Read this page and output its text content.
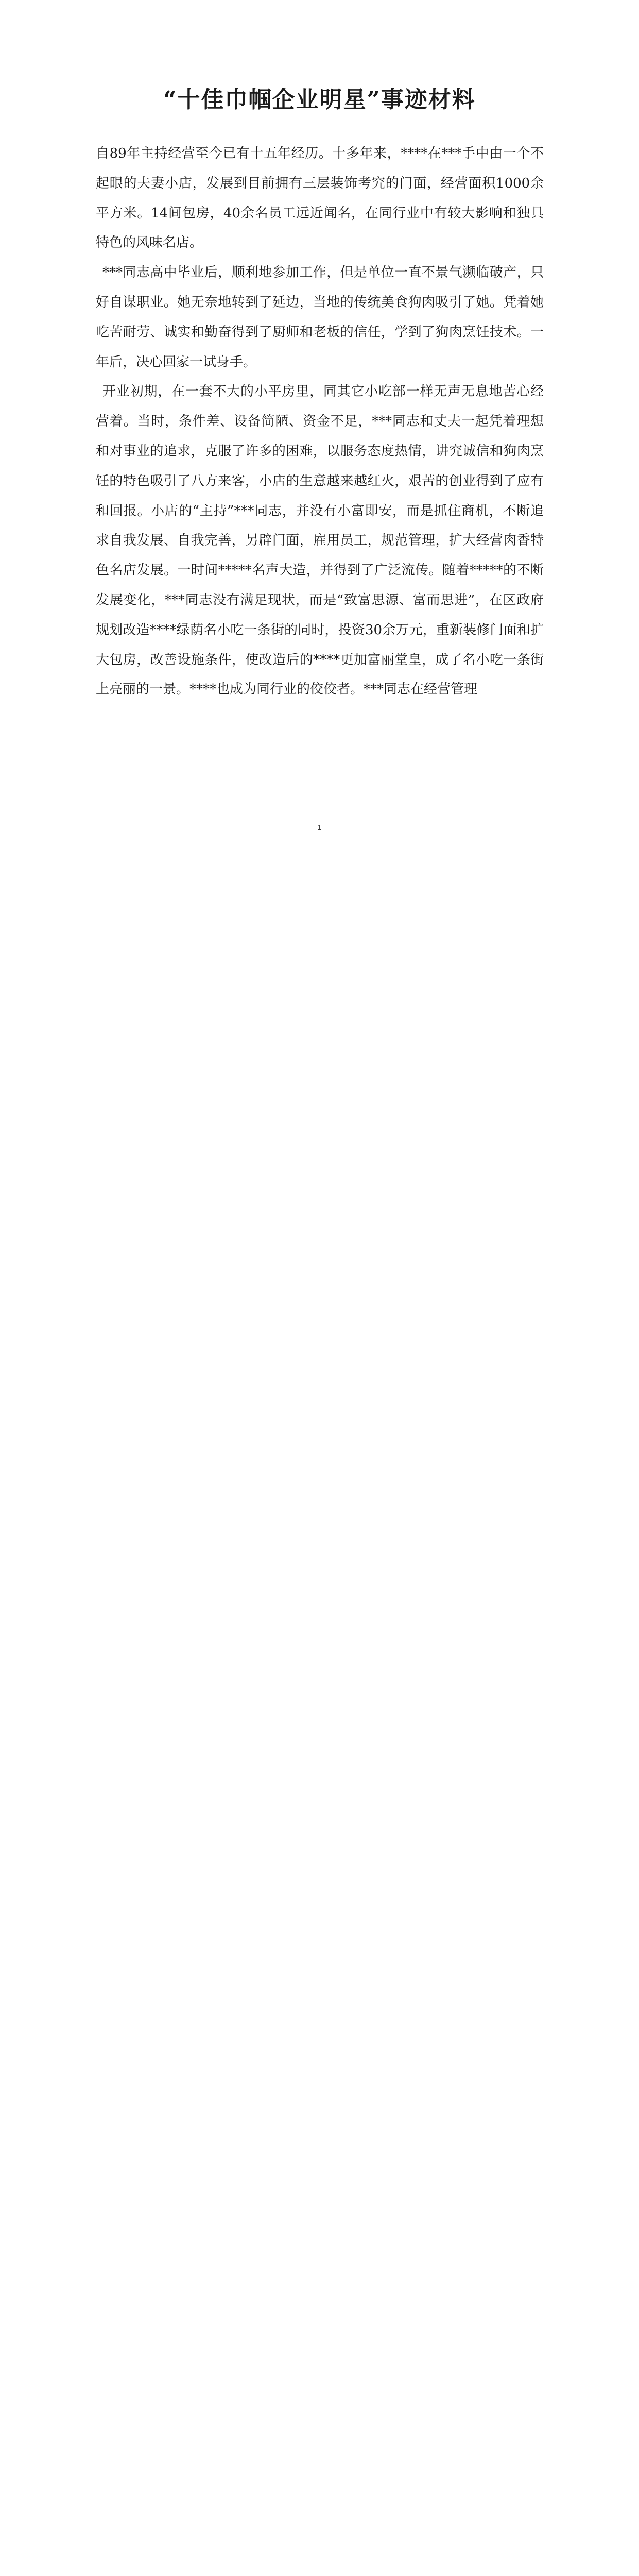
“十佳巾帼企业明星”事迹材料

自89年主持经营至今已有十五年经历。十多年来，****在***手中由一个不起眼的夫妻小店，发展到目前拥有三层装饰考究的门面，经营面积1000余平方米。14间包房，40余名员工远近闻名，在同行业中有较大影响和独具特色的风味名店。

***同志高中毕业后，顺利地参加工作，但是单位一直不景气濒临破产，只好自谋职业。她无奈地转到了延边，当地的传统美食狗肉吸引了她。凭着她吃苦耐劳、诚实和勤奋得到了厨师和老板的信任，学到了狗肉烹饪技术。一年后，决心回家一试身手。

开业初期，在一套不大的小平房里，同其它小吃部一样无声无息地苦心经营着。当时，条件差、设备简陋、资金不足，***同志和丈夫一起凭着理想和对事业的追求，克服了许多的困难，以服务态度热情，讲究诚信和狗肉烹饪的特色吸引了八方来客，小店的生意越来越红火，艰苦的创业得到了应有和回报。小店的“主持”***同志，并没有小富即安，而是抓住商机，不断追求自我发展、自我完善，另辟门面，雇用员工，规范管理，扩大经营肉香特色名店发展。一时间*****名声大造，并得到了广泛流传。随着*****的不断发展变化，***同志没有满足现状，而是“致富思源、富而思进”，在区政府规划改造****绿荫名小吃一条街的同时，投资30余万元，重新装修门面和扩大包房，改善设施条件，使改造后的****更加富丽堂皇，成了名小吃一条街上亮丽的一景。****也成为同行业的佼佼者。***同志在经营管理

1
